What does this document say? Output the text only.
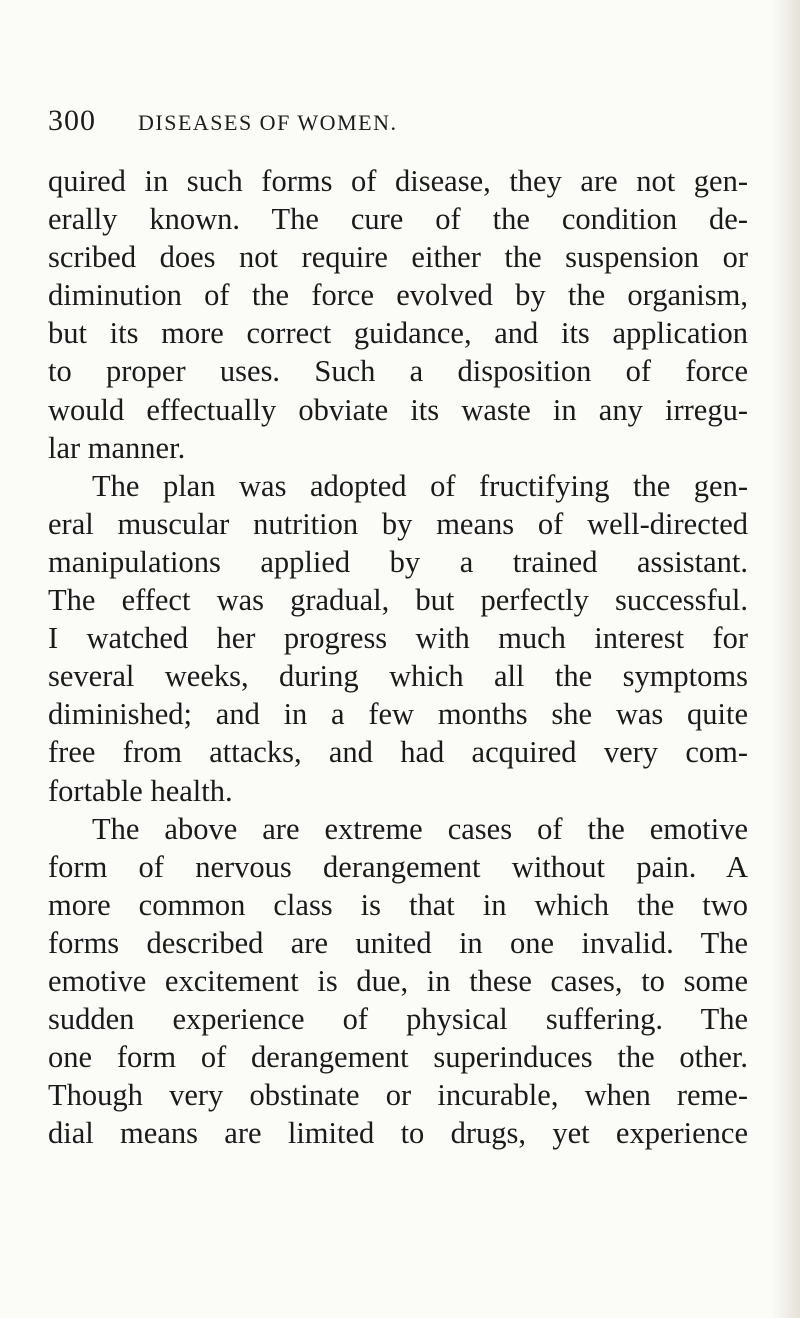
300 DISEASES OF WOMEN.
quired in such forms of disease, they are not gen-
erally known. The cure of the condition de-
scribed does not require either the suspension or
diminution of the force evolved by the organism,
but its more correct guidance, and its application
to proper uses. Such a disposition of force
would effectually obviate its waste in any irregu-
lar manner.
The plan was adopted of fructifying the gen-
eral muscular nutrition by means of well-directed
manipulations applied by a trained assistant.
The effect was gradual, but perfectly successful.
I watched her progress with much interest for
several weeks, during which all the symptoms
diminished; and in a few months she was quite
free from attacks, and had acquired very com-
fortable health.
The above are extreme cases of the emotive
form of nervous derangement without pain. A
more common class is that in which the two
forms described are united in one invalid. The
emotive excitement is due, in these cases, to some
sudden experience of physical suffering. The
one form of derangement superinduces the other.
Though very obstinate or incurable, when reme-
dial means are limited to drugs, yet experience
